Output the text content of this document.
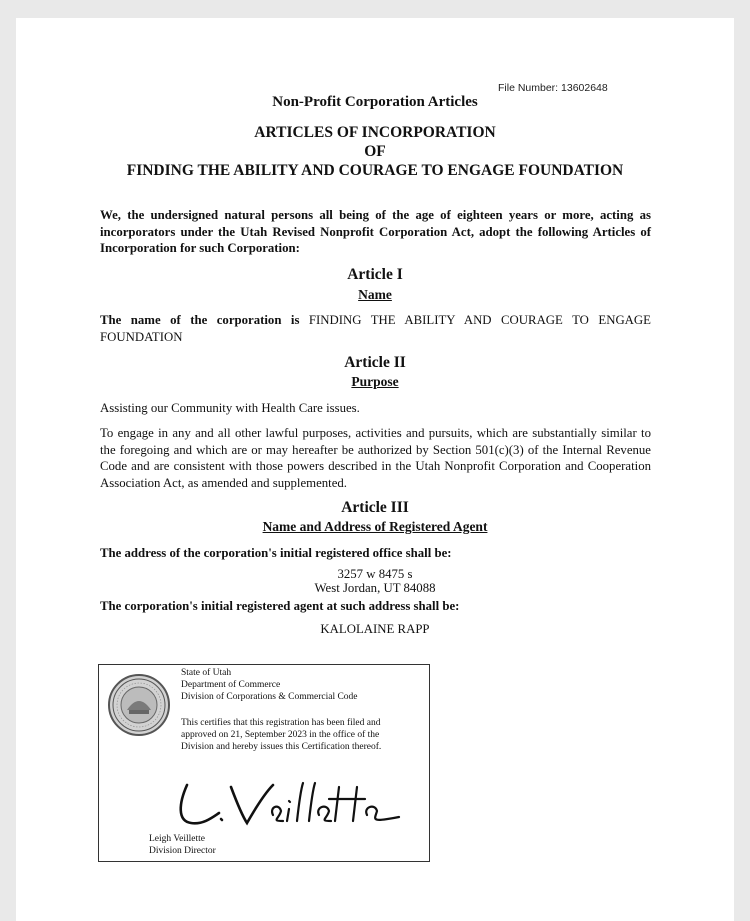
File Number: 13602648
Non-Profit Corporation Articles
ARTICLES OF INCORPORATION
OF
FINDING THE ABILITY AND COURAGE TO ENGAGE FOUNDATION
We, the undersigned natural persons all being of the age of eighteen years or more, acting as incorporators under the Utah Revised Nonprofit Corporation Act, adopt the following Articles of Incorporation for such Corporation:
Article I
Name
The name of the corporation is FINDING THE ABILITY AND COURAGE TO ENGAGE FOUNDATION
Article II
Purpose
Assisting our Community with Health Care issues.
To engage in any and all other lawful purposes, activities and pursuits, which are substantially similar to the foregoing and which are or may hereafter be authorized by Section 501(c)(3) of the Internal Revenue Code and are consistent with those powers described in the Utah Nonprofit Corporation and Cooperation Association Act, as amended and supplemented.
Article III
Name and Address of Registered Agent
The address of the corporation's initial registered office shall be:
3257 w 8475 s
West Jordan, UT 84088
The corporation's initial registered agent at such address shall be:
KALOLAINE RAPP
State of Utah
Department of Commerce
Division of Corporations & Commercial Code
This certifies that this registration has been filed and
approved on 21, September 2023 in the office of the
Division and hereby issues this Certification thereof.
Leigh Veillette
Division Director
